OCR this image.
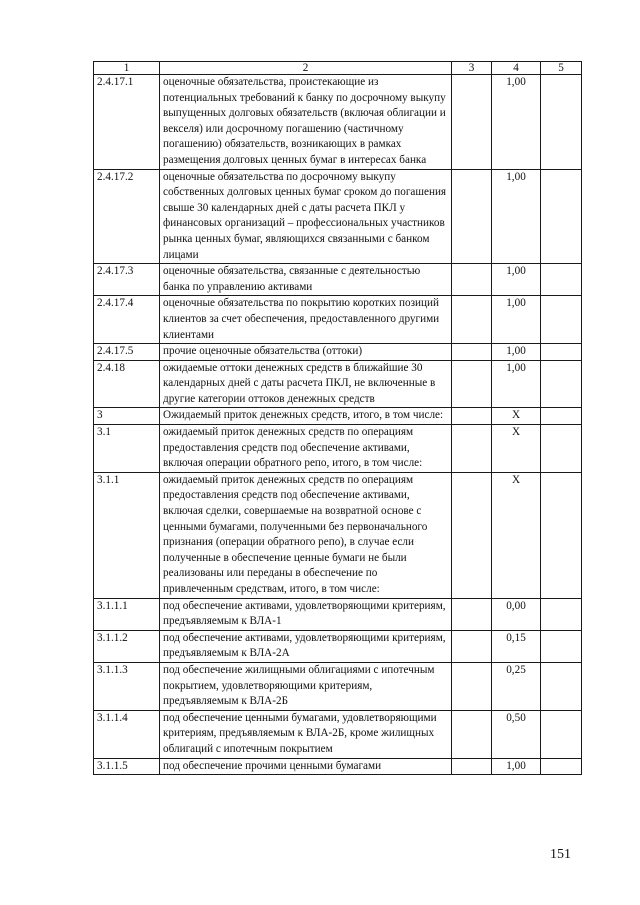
1	2	3	4	5
2.4.17.1	оценочные обязательства, проистекающие из потенциальных требований к банку по досрочному выкупу выпущенных долговых обязательств (включая облигации и векселя) или досрочному погашению (частичному погашению) обязательств, возникающих в рамках размещения долговых ценных бумаг в интересах банка		1,00	
2.4.17.2	оценочные обязательства по досрочному выкупу собственных долговых ценных бумаг сроком до погашения свыше 30 календарных дней с даты расчета ПКЛ у финансовых организаций – профессиональных участников рынка ценных бумаг, являющихся связанными с банком лицами		1,00	
2.4.17.3	оценочные обязательства, связанные с деятельностью банка по управлению активами		1,00	
2.4.17.4	оценочные обязательства по покрытию коротких позиций клиентов за счет обеспечения, предоставленного другими клиентами		1,00	
2.4.17.5	прочие оценочные обязательства (оттоки)		1,00	
2.4.18	ожидаемые оттоки денежных средств в ближайшие 30 календарных дней с даты расчета ПКЛ, не включенные в другие категории оттоков денежных средств		1,00	
3	Ожидаемый приток денежных средств, итого, в том числе:		Х	
3.1	ожидаемый приток денежных средств по операциям предоставления средств под обеспечение активами, включая операции обратного репо, итого, в том числе:		Х	
3.1.1	ожидаемый приток денежных средств по операциям предоставления средств под обеспечение активами, включая сделки, совершаемые на возвратной основе с ценными бумагами, полученными без первоначального признания (операции обратного репо), в случае если полученные в обеспечение ценные бумаги не были реализованы или переданы в обеспечение по привлеченным средствам, итого, в том числе:		Х	
3.1.1.1	под обеспечение активами, удовлетворяющими критериям, предъявляемым к ВЛА-1		0,00	
3.1.1.2	под обеспечение активами, удовлетворяющими критериям, предъявляемым к ВЛА-2А		0,15	
3.1.1.3	под обеспечение жилищными облигациями с ипотечным покрытием, удовлетворяющими критериям, предъявляемым к ВЛА-2Б		0,25	
3.1.1.4	под обеспечение ценными бумагами, удовлетворяющими критериям, предъявляемым к ВЛА-2Б, кроме жилищных облигаций с ипотечным покрытием		0,50	
3.1.1.5	под обеспечение прочими ценными бумагами		1,00	
151
